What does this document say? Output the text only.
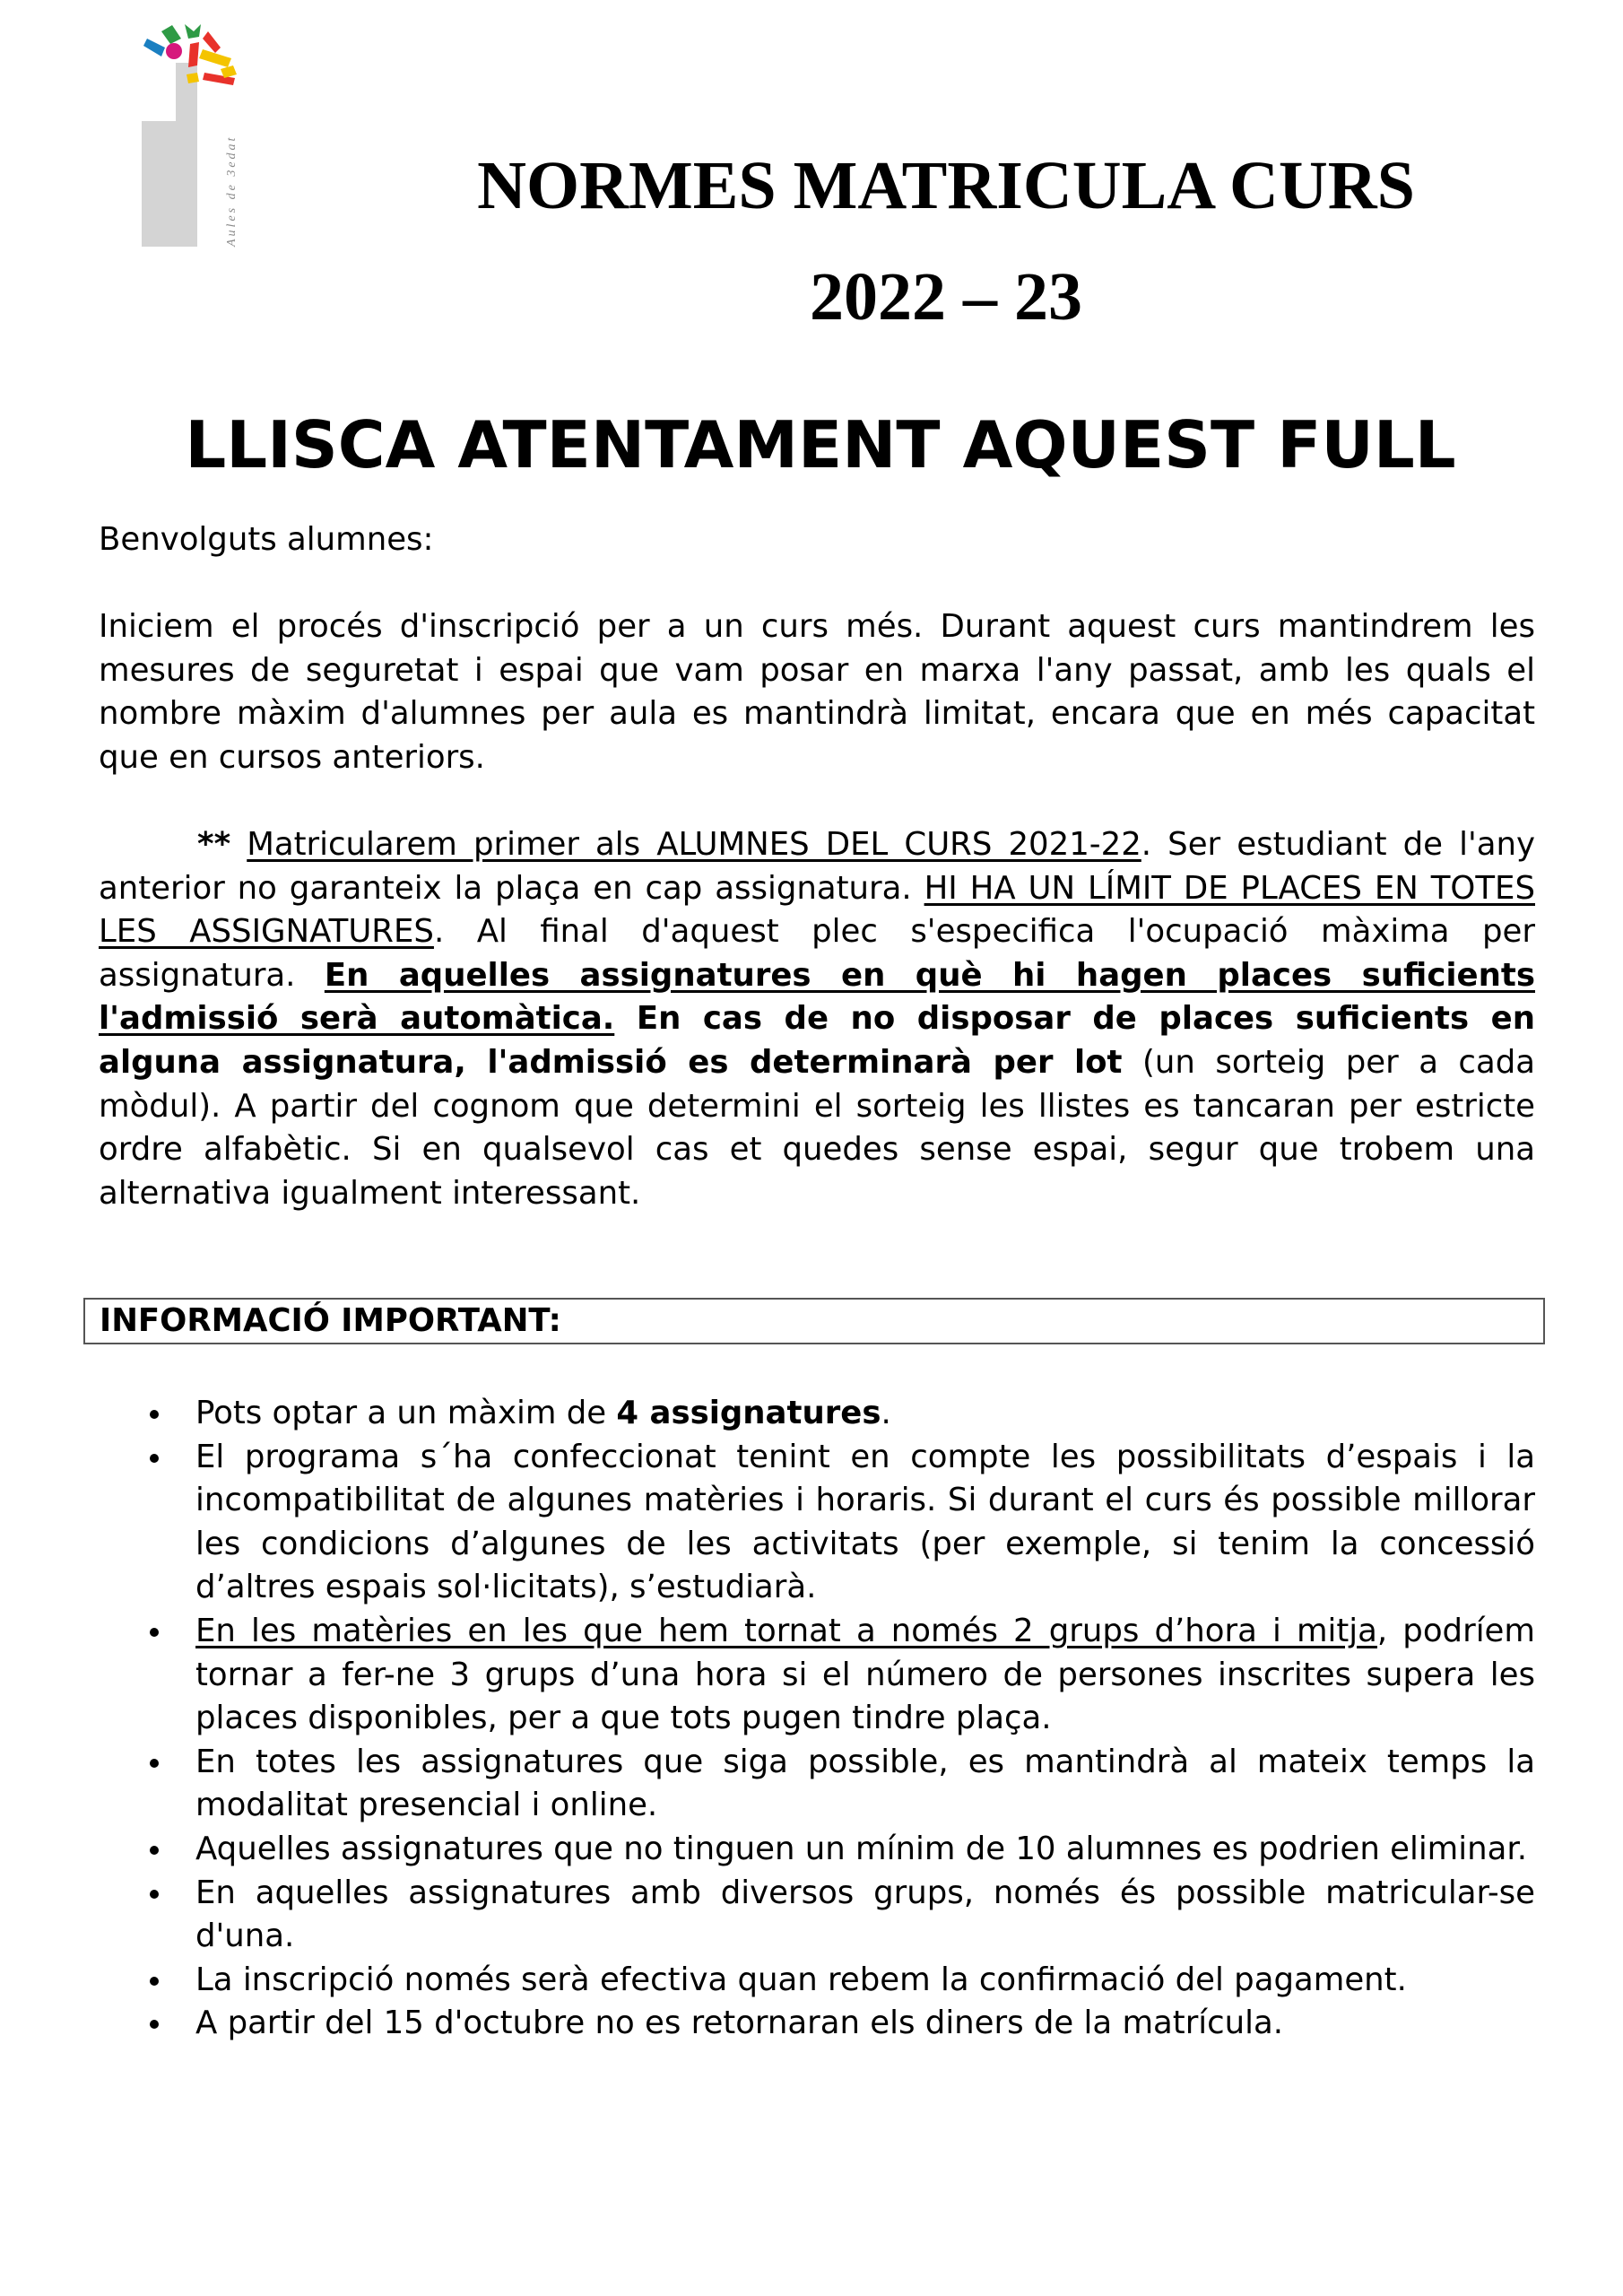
Aules de 3edat	NORMES MATRICULA CURS
2022 – 23
LLISCA ATENTAMENT AQUEST FULL
Benvolguts alumnes:
Iniciem el procés d'inscripció per a un curs més. Durant aquest curs mantindrem les mesures de seguretat i espai que vam posar en marxa l'any passat, amb les quals el nombre màxim d'alumnes per aula es mantindrà limitat, encara que en més capacitat que en cursos anteriors.
** Matricularem primer als ALUMNES DEL CURS 2021-22. Ser estudiant de l'any anterior no garanteix la plaça en cap assignatura. HI HA UN LÍMIT DE PLACES EN TOTES LES ASSIGNATURES. Al final d'aquest plec s'especifica l'ocupació màxima per assignatura. En aquelles assignatures en què hi hagen places suficients l'admissió serà automàtica. En cas de no disposar de places suficients en alguna assignatura, l'admissió es determinarà per lot (un sorteig per a cada mòdul). A partir del cognom que determini el sorteig les llistes es tancaran per estricte ordre alfabètic. Si en qualsevol cas et quedes sense espai, segur que trobem una alternativa igualment interessant.
INFORMACIÓ IMPORTANT:
Pots optar a un màxim de 4 assignatures.
El programa s´ha confeccionat tenint en compte les possibilitats d’espais i la incompatibilitat de algunes matèries i horaris. Si durant el curs és possible millorar les condicions d’algunes de les activitats (per exemple, si tenim la concessió d’altres espais sol·licitats), s’estudiarà.
En les matèries en les que hem tornat a només 2 grups d’hora i mitja, podríem tornar a fer-ne 3 grups d’una hora si el número de persones inscrites supera les places disponibles, per a que tots pugen tindre plaça.
En totes les assignatures que siga possible, es mantindrà al mateix temps la modalitat presencial i online.
Aquelles assignatures que no tinguen un mínim de 10 alumnes es podrien eliminar.
En aquelles assignatures amb diversos grups, només és possible matricular-se d'una.
La inscripció només serà efectiva quan rebem la confirmació del pagament.
A partir del 15 d'octubre no es retornaran els diners de la matrícula.
